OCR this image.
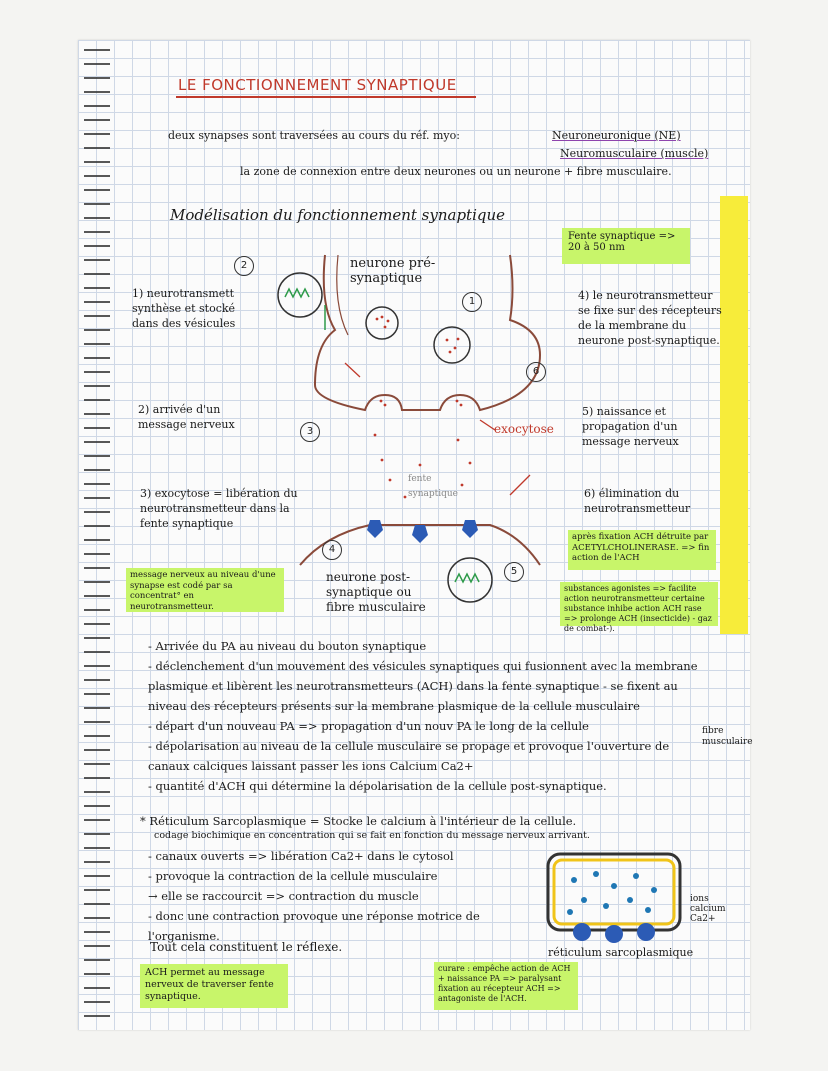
LE FONCTIONNEMENT SYNAPTIQUE
deux synapses sont traversées au cours du réf. myo:	Neuroneuronique (NE)
Neuromusculaire (muscle)
la zone de connexion entre deux neurones ou un neurone + fibre musculaire.
Modélisation du fonctionnement synaptique
Fente synaptique => 20 à 50 nm
neurone pré-synaptique
neurone post-synaptique ou fibre musculaire
fente synaptique
exocytose
2
1
6
3
4
5
1) neurotransmett synthèse et stocké dans des vésicules
2) arrivée d'un message nerveux
3) exocytose = libération du neurotransmetteur dans la fente synaptique
4) le neurotransmetteur se fixe sur des récepteurs de la membrane du neurone post-synaptique.
5) naissance et propagation d'un message nerveux
6) élimination du neurotransmetteur
message nerveux au niveau d'une synapse est codé par sa concentrat° en neurotransmetteur.
après fixation ACH détruite par ACETYLCHOLINERASE. => fin action de l'ACH
substances agonistes => facilite action neurotransmetteur certaine substance inhibe action ACH rase => prolonge ACH (insecticide) - gaz de combat-).

- Arrivée du PA au niveau du bouton synaptique

- déclenchement d'un mouvement des vésicules synaptiques qui fusionnent avec la membrane plasmique et libèrent les neurotransmetteurs (ACH) dans la fente synaptique - se fixent au niveau des récepteurs présents sur la membrane plasmique de la cellule musculaire

- départ d'un nouveau PA => propagation d'un nouv PA le long de la cellule

- dépolarisation au niveau de la cellule musculaire se propage et provoque l'ouverture de canaux calciques laissant passer les ions Calcium Ca2+

- quantité d'ACH qui détermine la dépolarisation de la cellule post-synaptique.

fibre musculaire
* Réticulum Sarcoplasmique = Stocke le calcium à l'intérieur de la cellule.
codage biochimique en concentration qui se fait en fonction du message nerveux arrivant.

- canaux ouverts => libération Ca2+ dans le cytosol

- provoque la contraction de la cellule musculaire

→ elle se raccourcit => contraction du muscle

- donc une contraction provoque une réponse motrice de l'organisme.

Tout cela constituent le réflexe.
ions calcium Ca2+
réticulum sarcoplasmique
ACH permet au message nerveux de traverser fente synaptique.
curare : empêche action de ACH + naissance PA => paralysant fixation au récepteur ACH => antagoniste de l'ACH.
